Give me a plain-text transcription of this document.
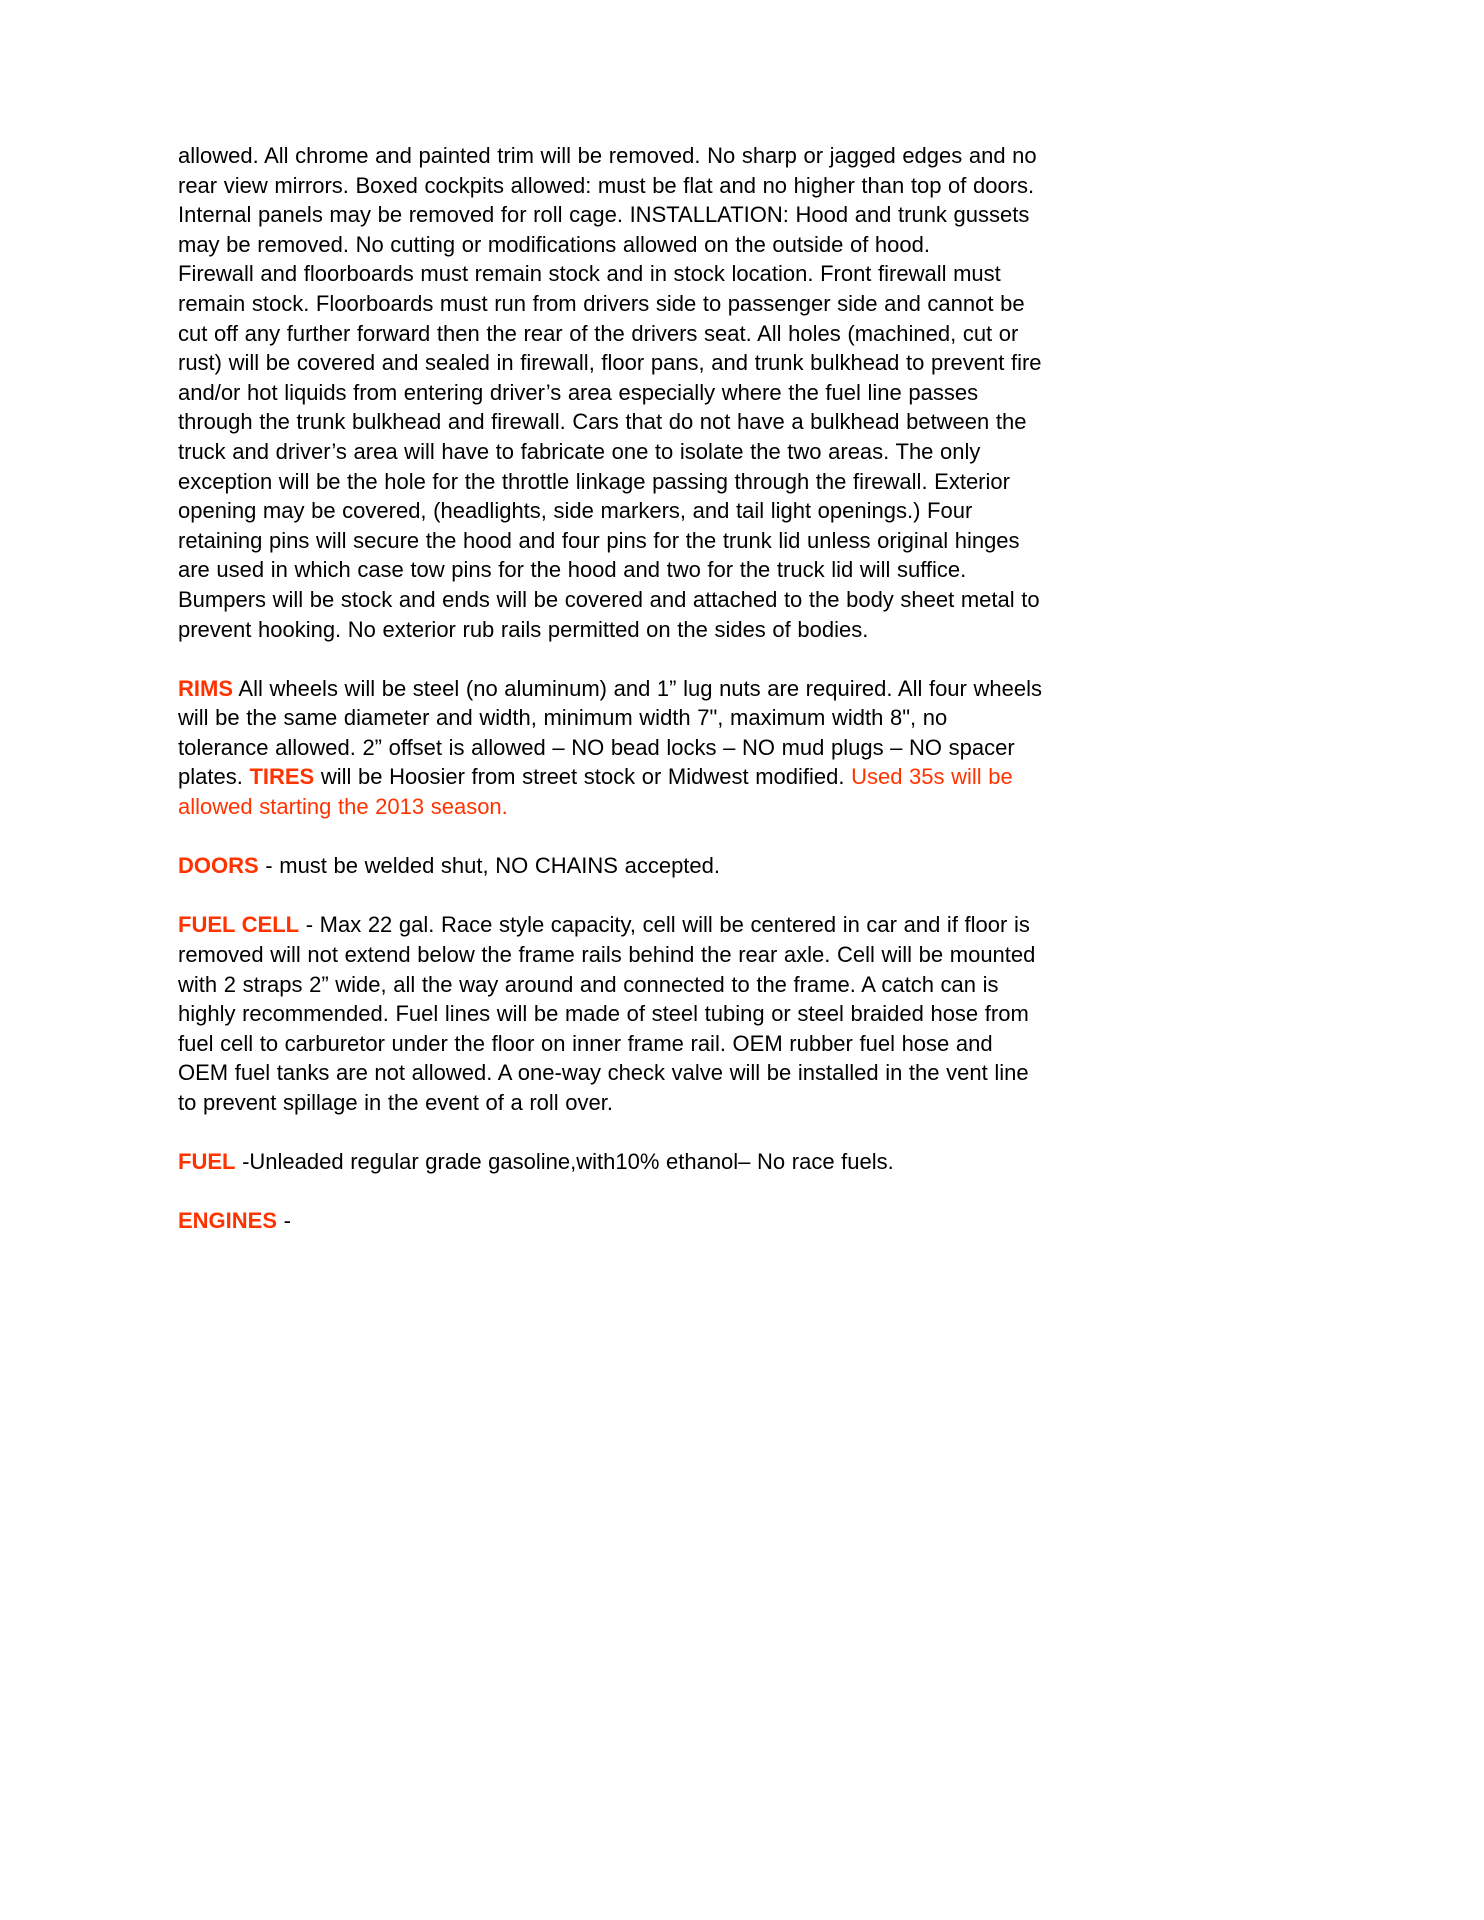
allowed. All chrome and painted trim will be removed. No sharp or jagged edges and no rear view mirrors. Boxed cockpits allowed: must be flat and no higher than top of doors. Internal panels may be removed for roll cage. INSTALLATION: Hood and trunk gussets may be removed. No cutting or modifications allowed on the outside of hood.

Firewall and floorboards must remain stock and in stock location. Front firewall must remain stock. Floorboards must run from drivers side to passenger side and cannot be cut off any further forward then the rear of the drivers seat. All holes (machined, cut or rust) will be covered and sealed in firewall, floor pans, and trunk bulkhead to prevent fire and/or hot liquids from entering driver’s area especially where the fuel line passes through the trunk bulkhead and firewall. Cars that do not have a bulkhead between the truck and driver’s area will have to fabricate one to isolate the two areas. The only exception will be the hole for the throttle linkage passing through the firewall. Exterior opening may be covered, (headlights, side markers, and tail light openings.) Four retaining pins will secure the hood and four pins for the trunk lid unless original hinges are used in which case tow pins for the hood and two for the truck lid will suffice. Bumpers will be stock and ends will be covered and attached to the body sheet metal to prevent hooking. No exterior rub rails permitted on the sides of bodies.

RIMS All wheels will be steel (no aluminum) and 1” lug nuts are required. All four wheels will be the same diameter and width, minimum width 7", maximum width 8", no tolerance allowed. 2” offset is allowed – NO bead locks – NO mud plugs – NO spacer plates. TIRES will be Hoosier from street stock or Midwest modified. Used 35s will be allowed starting the 2013 season.

DOORS - must be welded shut, NO CHAINS accepted.

FUEL CELL - Max 22 gal. Race style capacity, cell will be centered in car and if floor is removed will not extend below the frame rails behind the rear axle. Cell will be mounted with 2 straps 2” wide, all the way around and connected to the frame. A catch can is highly recommended. Fuel lines will be made of steel tubing or steel braided hose from fuel cell to carburetor under the floor on inner frame rail. OEM rubber fuel hose and OEM fuel tanks are not allowed. A one-way check valve will be installed in the vent line to prevent spillage in the event of a roll over.

FUEL -Unleaded regular grade gasoline,with10% ethanol– No race fuels.

ENGINES -
